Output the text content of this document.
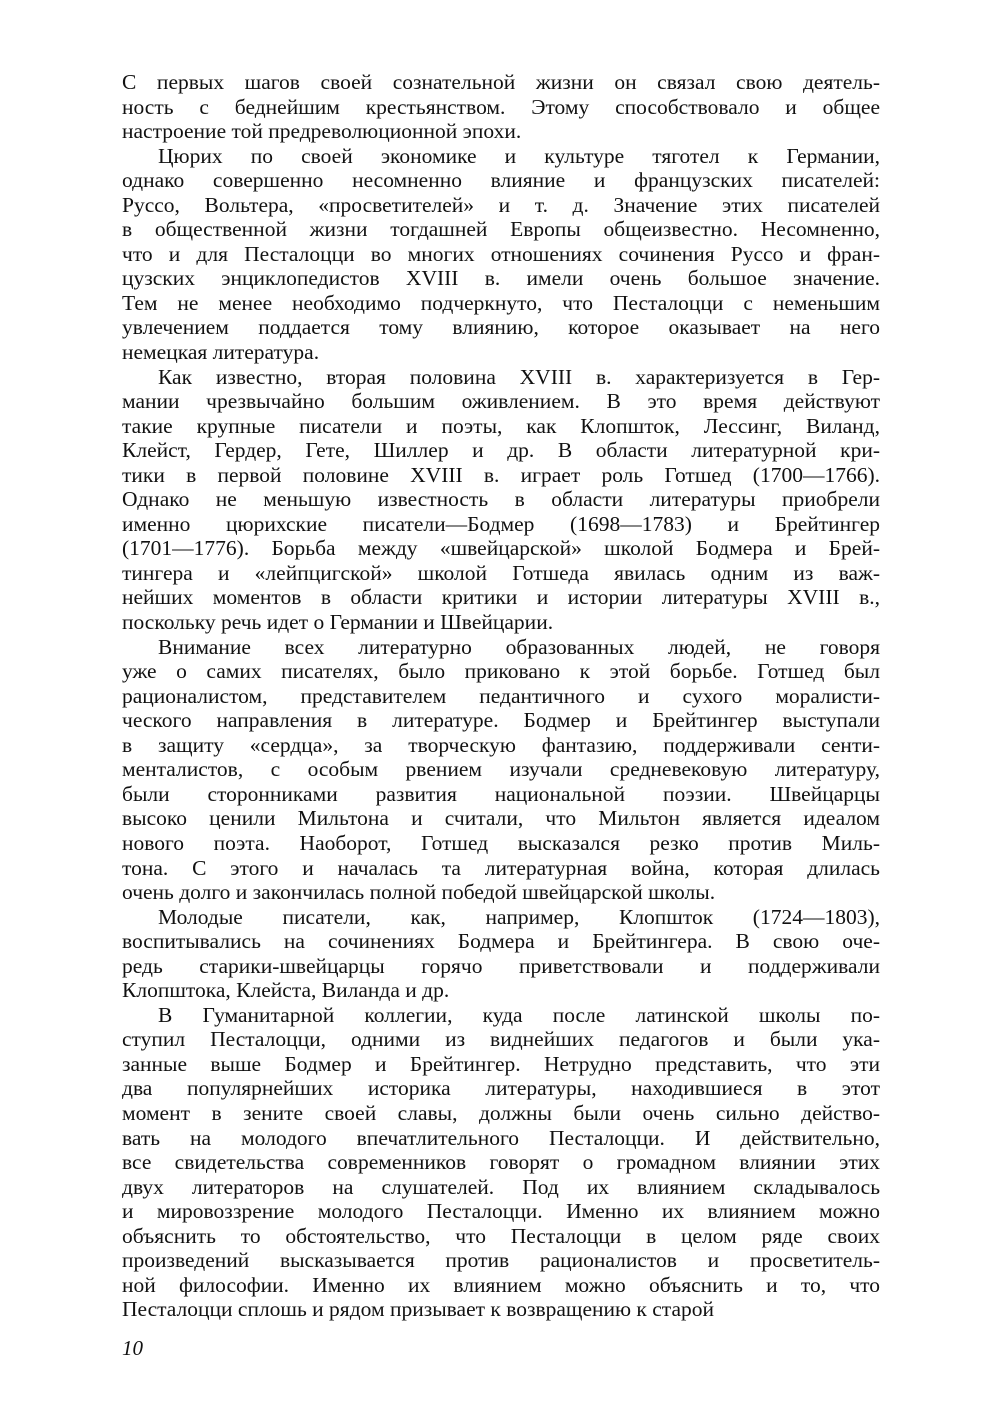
С первых шагов своей сознательной жизни он связал свою деятель-
ность с беднейшим крестьянством. Этому способствовало и общее
настроение той предреволюционной эпохи.
Цюрих по своей экономике и культуре тяготел к Германии,
однако совершенно несомненно влияние и французских писателей:
Руссо, Вольтера, «просветителей» и т. д. Значение этих писателей
в общественной жизни тогдашней Европы общеизвестно. Несомненно,
что и для Песталоцци во многих отношениях сочинения Руссо и фран-
цузских энциклопедистов XVIII в. имели очень большое значение.
Тем не менее необходимо подчеркнуто, что Песталоцци с неменьшим
увлечением поддается тому влиянию, которое оказывает на него
немецкая литература.
Как известно, вторая половина XVIII в. характеризуется в Гер-
мании чрезвычайно большим оживлением. В это время действуют
такие крупные писатели и поэты, как Клопшток, Лессинг, Виланд,
Клейст, Гердер, Гете, Шиллер и др. В области литературной кри-
тики в первой половине XVIII в. играет роль Готшед (1700—1766).
Однако не меньшую известность в области литературы приобрели
именно цюрихские писатели—Бодмер (1698—1783) и Брейтингер
(1701—1776). Борьба между «швейцарской» школой Бодмера и Брей-
тингера и «лейпцигской» школой Готшеда явилась одним из важ-
нейших моментов в области критики и истории литературы XVIII в.,
поскольку речь идет о Германии и Швейцарии.
Внимание всех литературно образованных людей, не говоря
уже о самих писателях, было приковано к этой борьбе. Готшед был
рационалистом, представителем педантичного и сухого моралисти-
ческого направления в литературе. Бодмер и Брейтингер выступали
в защиту «сердца», за творческую фантазию, поддерживали сенти-
менталистов, с особым рвением изучали средневековую литературу,
были сторонниками развития национальной поэзии. Швейцарцы
высоко ценили Мильтона и считали, что Мильтон является идеалом
нового поэта. Наоборот, Готшед высказался резко против Миль-
тона. С этого и началась та литературная война, которая длилась
очень долго и закончилась полной победой швейцарской школы.
Молодые писатели, как, например, Клопшток (1724—1803),
воспитывались на сочинениях Бодмера и Брейтингера. В свою оче-
редь старики-швейцарцы горячо приветствовали и поддерживали
Клопштока, Клейста, Виланда и др.
В Гуманитарной коллегии, куда после латинской школы по-
ступил Песталоцци, одними из виднейших педагогов и были ука-
занные выше Бодмер и Брейтингер. Нетрудно представить, что эти
два популярнейших историка литературы, находившиеся в этот
момент в зените своей славы, должны были очень сильно действо-
вать на молодого впечатлительного Песталоцци. И действительно,
все свидетельства современников говорят о громадном влиянии этих
двух литераторов на слушателей. Под их влиянием складывалось
и мировоззрение молодого Песталоцци. Именно их влиянием можно
объяснить то обстоятельство, что Песталоцци в целом ряде своих
произведений высказывается против рационалистов и просветитель-
ной философии. Именно их влиянием можно объяснить и то, что
Песталоцци сплошь и рядом призывает к возвращению к старой
10
